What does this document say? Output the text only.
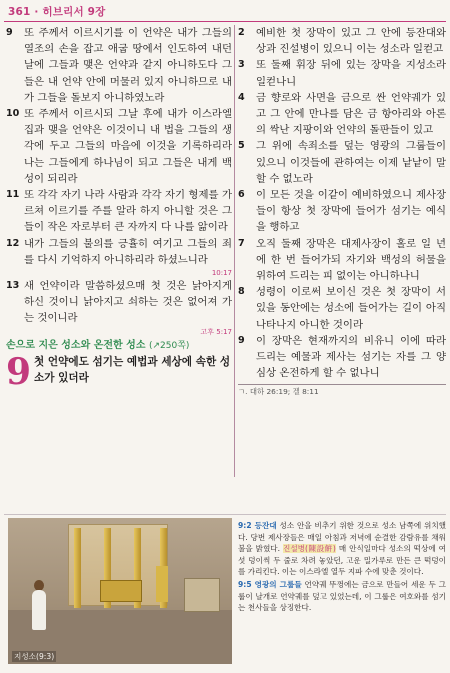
361 · 히브리서 9장
9	또 주께서 이르시기를 이 언약은 내가 그들의 열조의 손을 잡고 애굽 땅에서 인도하여 내던 날에 그들과 맺은 언약과 같지 아니하도다 그들은 내 언약 안에 머물러 있지 아니하므로 내가 그들을 돌보지 아니하였노라
10 또 주께서 이르시되 그날 후에 내가 이스라엘 집과 맺을 언약은 이것이니 내 법을 그들의 생각에 두고 그들의 마음에 이것을 기록하리라 나는 그들에게 하나님이 되고 그들은 내게 백성이 되리라
11 또 각각 자기 나라 사람과 각각 자기 형제를 가르쳐 이르기를 주를 알라 하지 아니할 것은 그들이 작은 자로부터 큰 자까지 다 나를 앎이라
12 내가 그들의 불의를 긍휼히 여기고 그들의 죄를 다시 기억하지 아니하리라 하셨느니라
10:17
13 새 언약이라 말씀하셨으매 첫 것은 낡아지게 하신 것이니 낡아지고 쇠하는 것은 없어져 가는 것이니라
고후 5:17
손으로 지은 성소와 온전한 성소 (↗250쪽)
9 첫 언약에도 섬기는 예법과 세상에 속한 성소가 있더라
2	예비한 첫 장막이 있고 그 안에 등잔대와 상과 진설병이 있으니 이는 성소라 일컫고
3	또 둘째 휘장 뒤에 있는 장막을 지성소라 일컫나니
4	금 향로와 사면을 금으로 싼 언약궤가 있고 그 안에 만나를 담은 금 항아리와 아론의 싹난 지팡이와 언약의 돌판들이 있고
5	그 위에 속죄소를 덮는 영광의 그룹들이 있으니 이것들에 관하여는 이제 낱낱이 말할 수 없노라
6	이 모든 것을 이같이 예비하였으니 제사장들이 항상 첫 장막에 들어가 섬기는 예식을 행하고
7	오직 둘째 장막은 대제사장이 홀로 일 년에 한 번 들어가되 자기와 백성의 허물을 위하여 드리는 피 없이는 아니하나니
8	성령이 이로써 보이신 것은 첫 장막이 서 있을 동안에는 성소에 들어가는 길이 아직 나타나지 아니한 것이라
9	이 장막은 현재까지의 비유니 이에 따라 드리는 예물과 제사는 섬기는 자를 그 양심상 온전하게 할 수 없나니
ㄱ. 대하 26:19; 겔 8:11
지성소(9:3)

9:2 등잔대 성소 안을 비추기 위한 것으로 성소 남쪽에 위치했다. 당번 제사장들은 매일 아침과 저녁에 순결한 감람유를 채워 불을 밝혔다. 진설병(陳設餠) 매 안식일마다 성소의 떡상에 여섯 덩이씩 두 줄로 차려 놓았던, 고운 밀가루로 만든 큰 떡덩이를 가리킨다. 이는 이스라엘 열두 지파 수에 맞춘 것이다.

9:5 영광의 그룹들 언약궤 뚜껑에는 금으로 만들어 세운 두 그룹이 날개로 언약궤를 덮고 있었는데, 이 그룹은 여호와를 섬기는 천사들을 상징한다.
